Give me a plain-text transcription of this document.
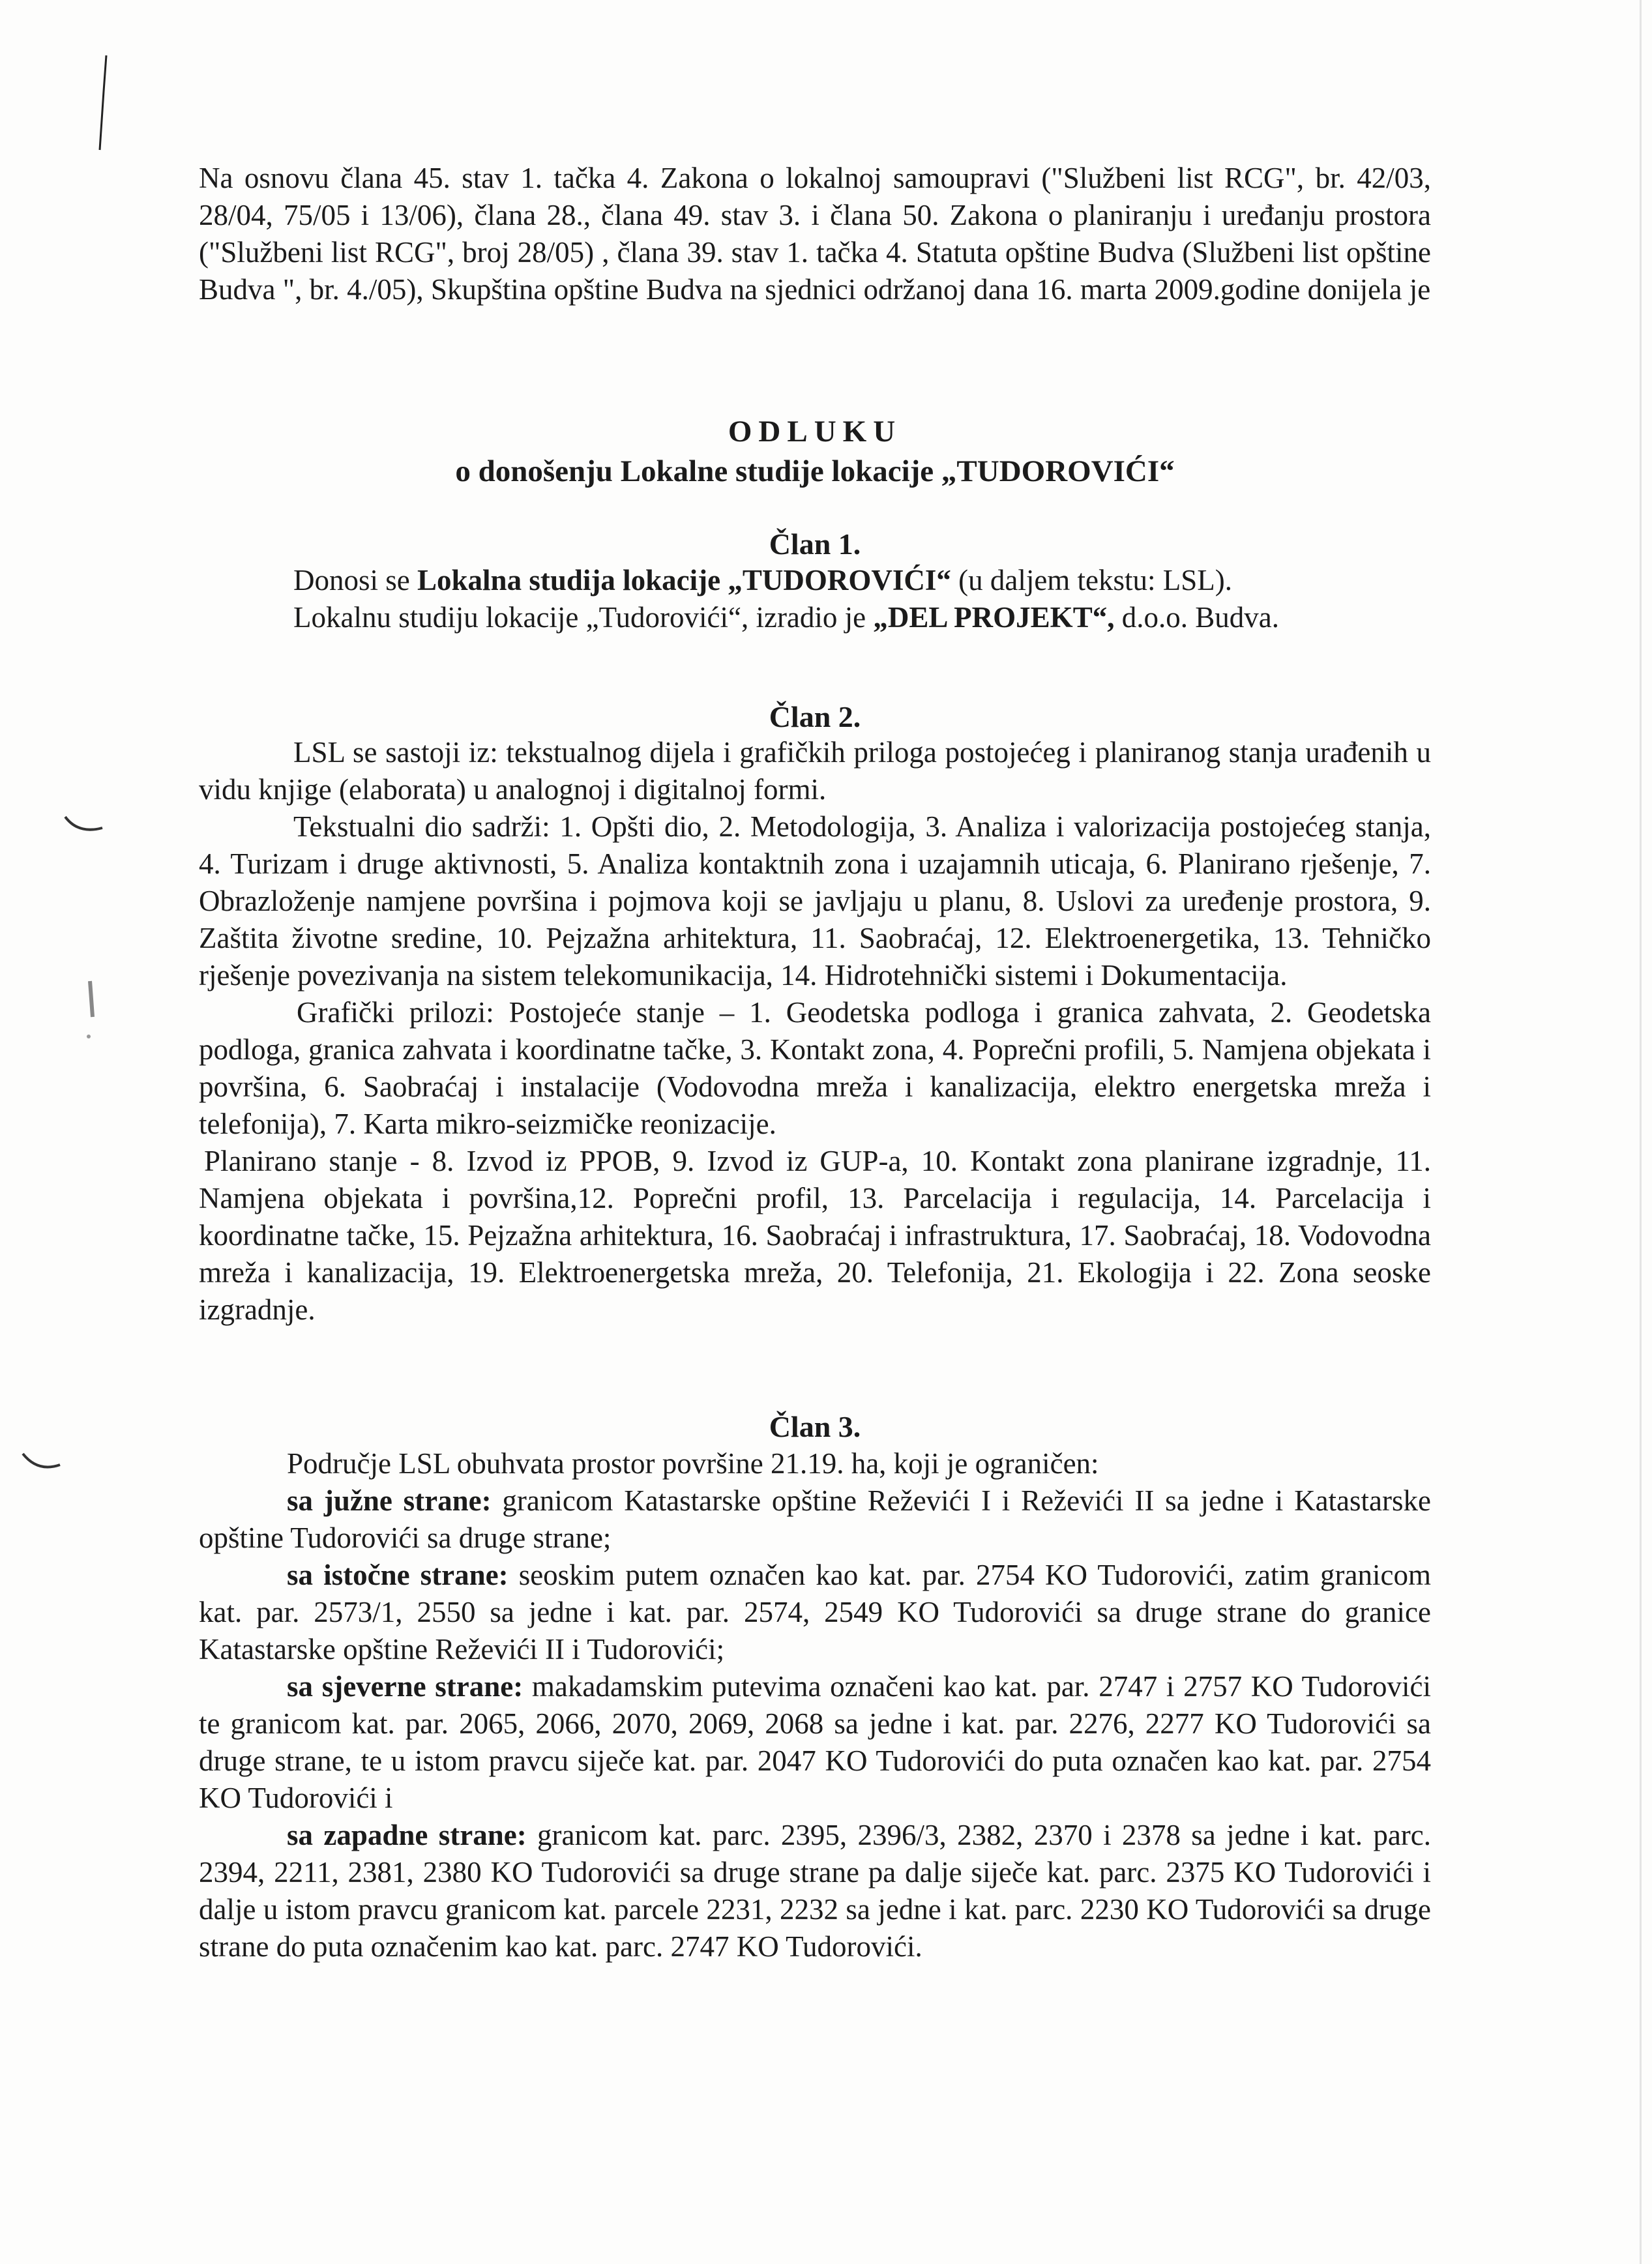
Na osnovu člana 45. stav 1. tačka 4. Zakona o lokalnoj samoupravi ("Službeni list RCG", br. 42/03, 28/04, 75/05 i 13/06), člana 28., člana 49. stav 3. i člana 50. Zakona o planiranju i uređanju prostora ("Službeni list RCG", broj 28/05) , člana 39. stav 1. tačka 4. Statuta opštine Budva (Službeni list opštine Budva ", br. 4./05), Skupština opštine Budva na sjednici održanoj dana 16. marta 2009.godine donijela je
ODLUKU
o donošenju Lokalne studije lokacije „TUDOROVIĆI“
Član 1.
Donosi se Lokalna studija lokacije „TUDOROVIĆI“ (u daljem tekstu: LSL).
Lokalnu studiju lokacije „Tudorovići“, izradio je „DEL PROJEKT“, d.o.o. Budva.
Član 2.

LSL se sastoji iz: tekstualnog dijela i grafičkih priloga postojećeg i planiranog stanja urađenih u vidu knjige (elaborata) u analognoj i digitalnoj formi.

Tekstualni dio sadrži: 1. Opšti dio, 2. Metodologija, 3. Analiza i valorizacija postojećeg stanja, 4. Turizam i druge aktivnosti, 5. Analiza kontaktnih zona i uzajamnih uticaja, 6. Planirano rješenje, 7. Obrazloženje namjene površina i pojmova koji se javljaju u planu, 8. Uslovi za uređenje prostora, 9. Zaštita životne sredine, 10. Pejzažna arhitektura, 11. Saobraćaj, 12. Elektroenergetika, 13. Tehničko rješenje povezivanja na sistem telekomunikacija, 14. Hidrotehnički sistemi i Dokumentacija.

Grafički prilozi: Postojeće stanje – 1. Geodetska podloga i granica zahvata, 2. Geodetska podloga, granica zahvata i koordinatne tačke, 3. Kontakt zona, 4. Poprečni profili, 5. Namjena objekata i površina, 6. Saobraćaj i instalacije (Vodovodna mreža i kanalizacija, elektro energetska mreža i telefonija), 7. Karta mikro-seizmičke reonizacije.

Planirano stanje - 8. Izvod iz PPOB, 9. Izvod iz GUP-a, 10. Kontakt zona planirane izgradnje, 11. Namjena objekata i površina,12. Poprečni profil, 13. Parcelacija i regulacija, 14. Parcelacija i koordinatne tačke, 15. Pejzažna arhitektura, 16. Saobraćaj i infrastruktura, 17. Saobraćaj, 18. Vodovodna mreža i kanalizacija, 19. Elektroenergetska mreža, 20. Telefonija, 21. Ekologija i 22. Zona seoske izgradnje.

Član 3.

Područje LSL obuhvata prostor površine 21.19. ha, koji je ograničen:

sa južne strane: granicom Katastarske opštine Reževići I i Reževići II sa jedne i Katastarske opštine Tudorovići sa druge strane;

sa istočne strane: seoskim putem označen kao kat. par. 2754 KO Tudorovići, zatim granicom kat. par. 2573/1, 2550 sa jedne i kat. par. 2574, 2549 KO Tudorovići sa druge strane do granice Katastarske opštine Reževići II i Tudorovići;

sa sjeverne strane: makadamskim putevima označeni kao kat. par. 2747 i 2757 KO Tudorovići te granicom kat. par. 2065, 2066, 2070, 2069, 2068 sa jedne i kat. par. 2276, 2277 KO Tudorovići sa druge strane, te u istom pravcu siječe kat. par. 2047 KO Tudorovići do puta označen kao kat. par. 2754 KO Tudorovići i

sa zapadne strane: granicom kat. parc. 2395, 2396/3, 2382, 2370 i 2378 sa jedne i kat. parc. 2394, 2211, 2381, 2380 KO Tudorovići sa druge strane pa dalje siječe kat. parc. 2375 KO Tudorovići i dalje u istom pravcu granicom kat. parcele 2231, 2232 sa jedne i kat. parc. 2230 KO Tudorovići sa druge strane do puta označenim kao kat. parc. 2747 KO Tudorovići.
